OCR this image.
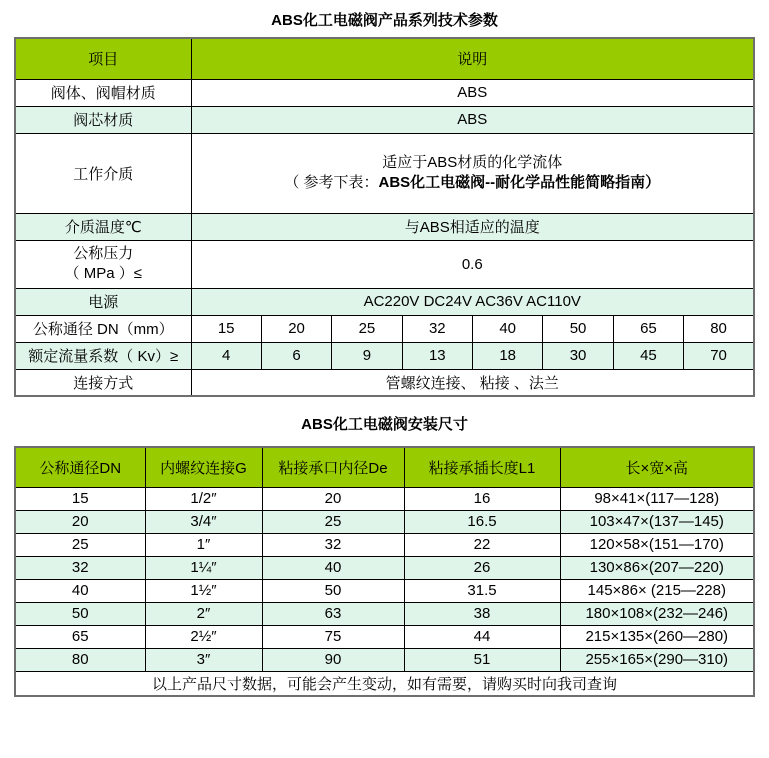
ABS化工电磁阀产品系列技术参数
项目	说明							
阀体、阀帽材质	ABS							
阀芯材质	ABS							
工作介质	适应于ABS材质的化学流体
（ 参考下表：ABS化工电磁阀--耐化学品性能简略指南）							

介质温度℃	与ABS相适应的温度							

公称压力
（ MPa ）≤	0.6							
电源	AC220V DC24V AC36V AC110V							
公称通径 DN（mm）	15	20	25	32	40	50	65	80
额定流量系数（ Kv）≥	4	6	9	13	18	30	45	70
连接方式	管螺纹连接、 粘接 、法兰							
ABS化工电磁阀安装尺寸
公称通径DN	内螺纹连接G	粘接承口内径De	粘接承插长度L1	长×宽×高
15	1/2″	20	16	98×41×(117—128)
20	3/4″	25	16.5	103×47×(137—145)
25	1″	32	22	120×58×(151—170)
32	1¼″	40	26	130×86×(207—220)
40	1½″	50	31.5	145×86× (215—228)
50	2″	63	38	180×108×(232—246)
65	2½″	75	44	215×135×(260—280)
80	3″	90	51	255×165×(290—310)
以上产品尺寸数据，可能会产生变动，如有需要，请购买时向我司查询				
